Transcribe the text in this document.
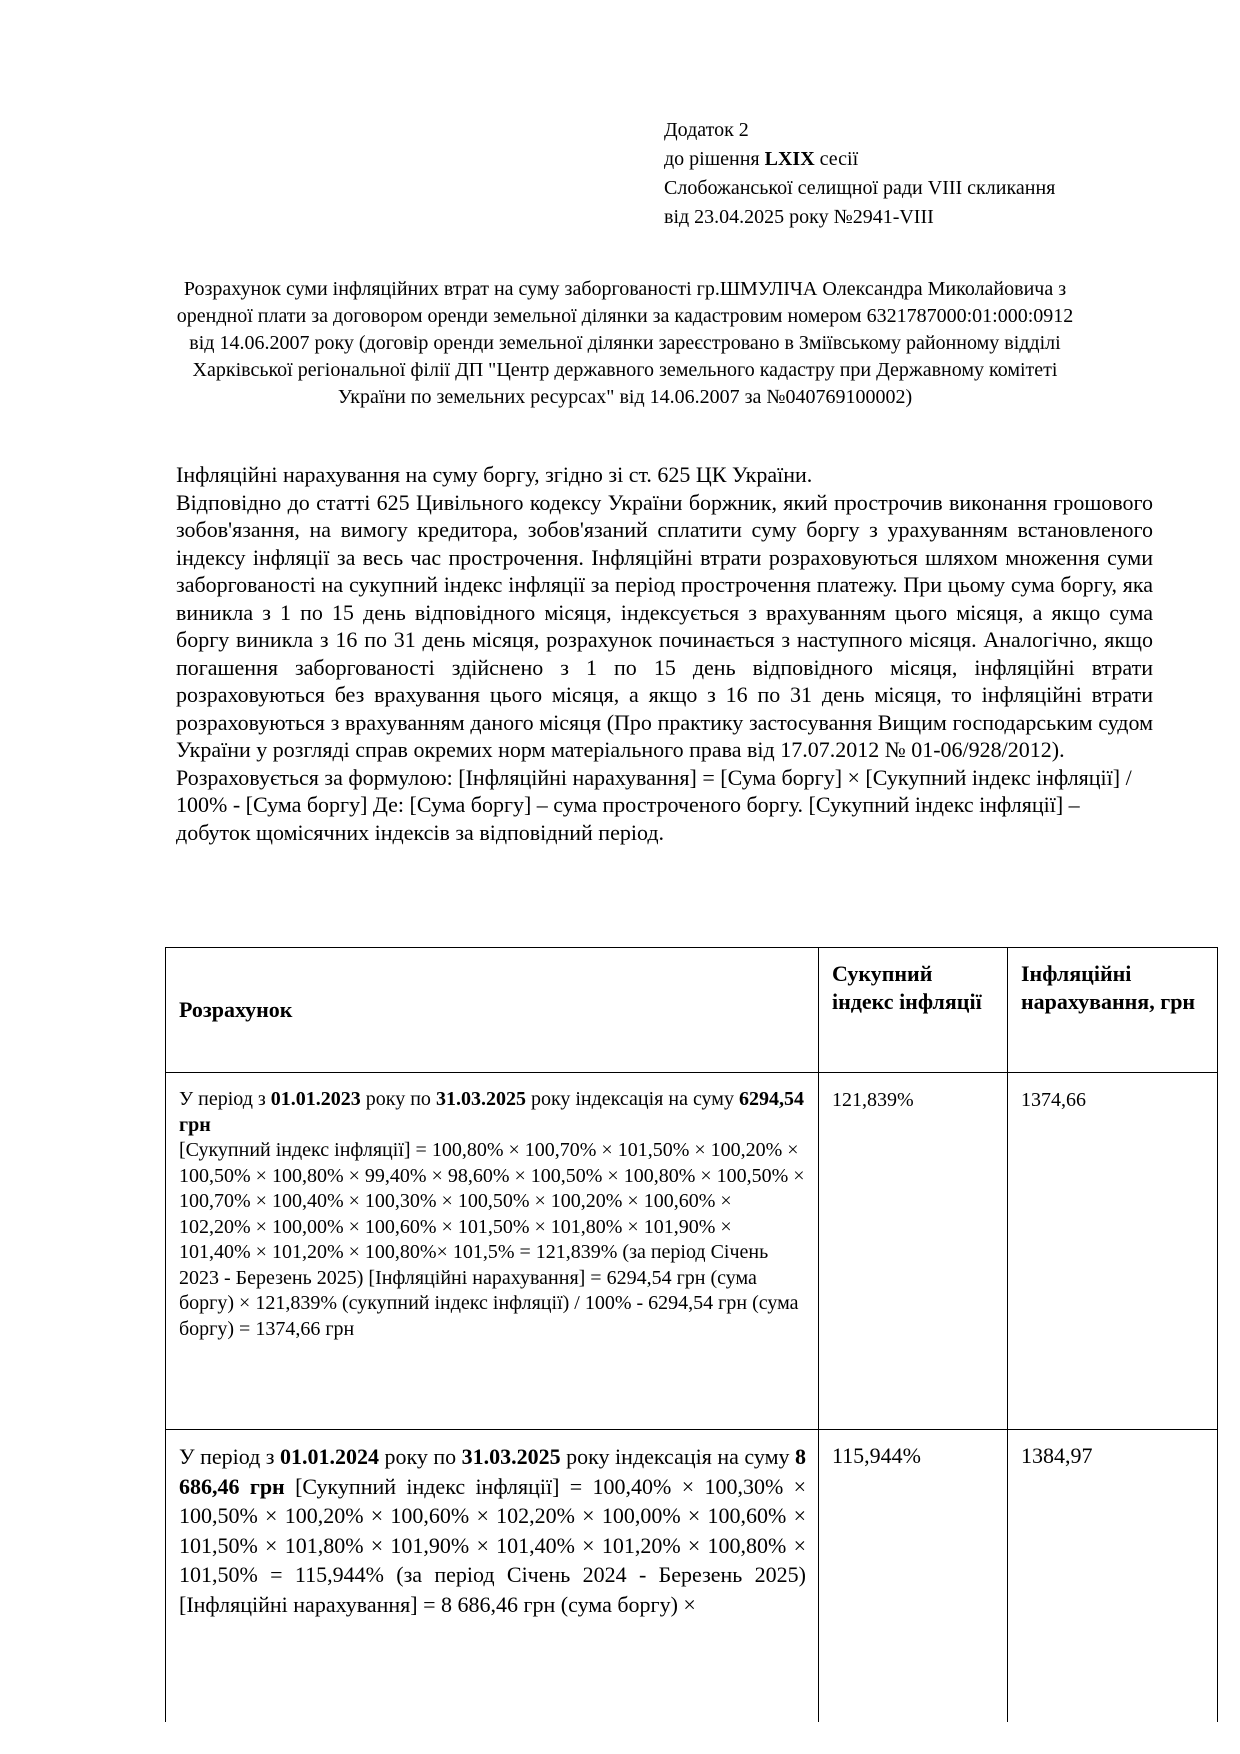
Додаток 2
до рішення LXIX сесії
Слобожанської селищної ради VIII скликання
від 23.04.2025 року №2941-VIII
Розрахунок суми інфляційних втрат на суму заборгованості гр.ШМУЛІЧА Олександра Миколайовича з орендної плати за договором оренди земельної ділянки за кадастровим номером 6321787000:01:000:0912 від 14.06.2007 року (договір оренди земельної ділянки зареєстровано в Зміївському районному відділі Харківської регіональної філії ДП "Центр державного земельного кадастру при Державному комітеті України по земельних ресурсах" від 14.06.2007 за №040769100002)

Інфляційні нарахування на суму боргу, згідно зі ст. 625 ЦК України.

Відповідно до статті 625 Цивільного кодексу України боржник, який прострочив виконання грошового зобов'язання, на вимогу кредитора, зобов'язаний сплатити суму боргу з урахуванням встановленого індексу інфляції за весь час прострочення. Інфляційні втрати розраховуються шляхом множення суми заборгованості на сукупний індекс інфляції за період прострочення платежу. При цьому сума боргу, яка виникла з 1 по 15 день відповідного місяця, індексується з врахуванням цього місяця, а якщо сума боргу виникла з 16 по 31 день місяця, розрахунок починається з наступного місяця. Аналогічно, якщо погашення заборгованості здійснено з 1 по 15 день відповідного місяця, інфляційні втрати розраховуються без врахування цього місяця, а якщо з 16 по 31 день місяця, то інфляційні втрати розраховуються з врахуванням даного місяця (Про практику застосування Вищим господарським судом України у розгляді справ окремих норм матеріального права від 17.07.2012 № 01-06/928/2012).

Розраховується за формулою: [Інфляційні нарахування] = [Сума боргу] × [Сукупний індекс інфляції] / 100% - [Сума боргу] Де: [Сума боргу] – сума простроченого боргу. [Сукупний індекс інфляції] – добуток щомісячних індексів за відповідний період.

Розрахунок	Сукупний індекс інфляції	Інфляційні нарахування, грн
У період з 01.01.2023 року по 31.03.2025 року індексація на суму 6294,54 грн
[Сукупний індекс інфляції] = 100,80% × 100,70% × 101,50% × 100,20% × 100,50% × 100,80% × 99,40% × 98,60% × 100,50% × 100,80% × 100,50% × 100,70% × 100,40% × 100,30% × 100,50% × 100,20% × 100,60% × 102,20% × 100,00% × 100,60% × 101,50% × 101,80% × 101,90% × 101,40% × 101,20% × 100,80%× 101,5% = 121,839% (за період Січень 2023 - Березень 2025) [Інфляційні нарахування] = 6294,54 грн (сума боргу) × 121,839% (сукупний індекс інфляції) / 100% - 6294,54 грн (сума боргу) = 1374,66 грн	121,839%	1374,66
У період з 01.01.2024 року по 31.03.2025 року індексація на суму 8 686,46 грн [Сукупний індекс інфляції] = 100,40% × 100,30% × 100,50% × 100,20% × 100,60% × 102,20% × 100,00% × 100,60% × 101,50% × 101,80% × 101,90% × 101,40% × 101,20% × 100,80% × 101,50% = 115,944% (за період Січень 2024 - Березень 2025) [Інфляційні нарахування] = 8 686,46 грн (сума боргу) ×	115,944%	1384,97
